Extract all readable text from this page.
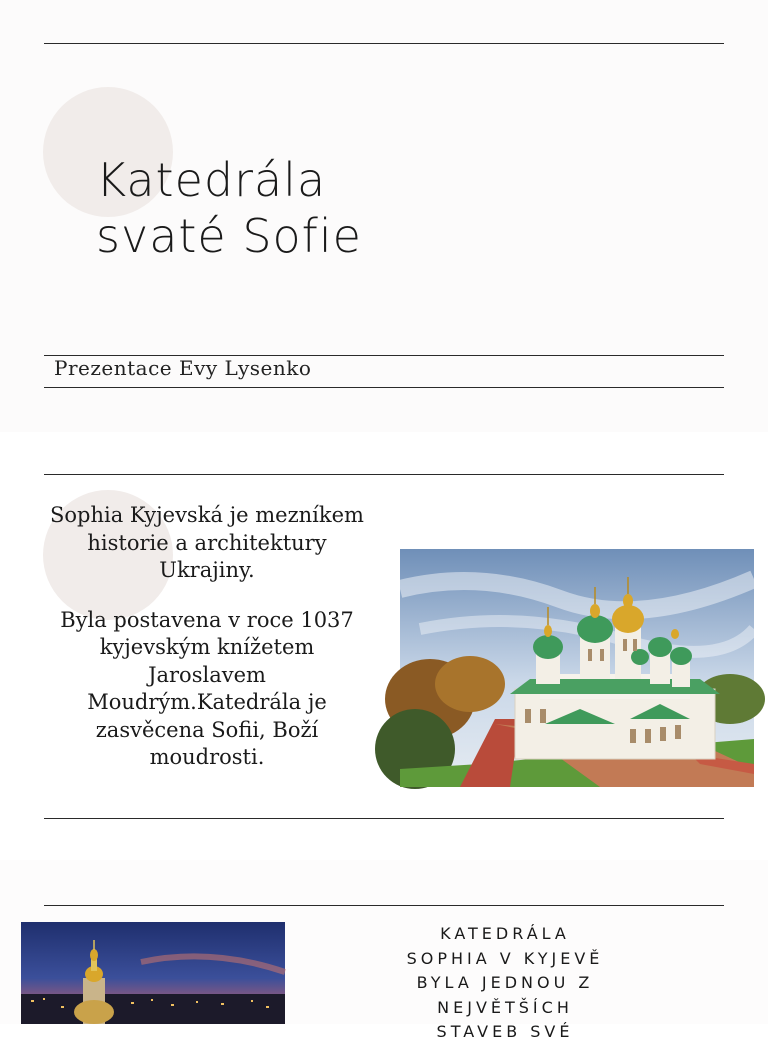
Katedrála
svaté Sofie

Prezentace Evy Lysenko

Sophia Kyjevská je mezníkem historie a architektury Ukrajiny.

Byla postavena v roce 1037 kyjevským knížetem Jaroslavem Moudrým.Katedrála je zasvěcena Sofii, Boží moudrosti.

KATEDRÁLA
SOPHIA V KYJEVĚ
BYLA JEDNOU Z
NEJVĚTŠÍCH
STAVEB SVÉ
